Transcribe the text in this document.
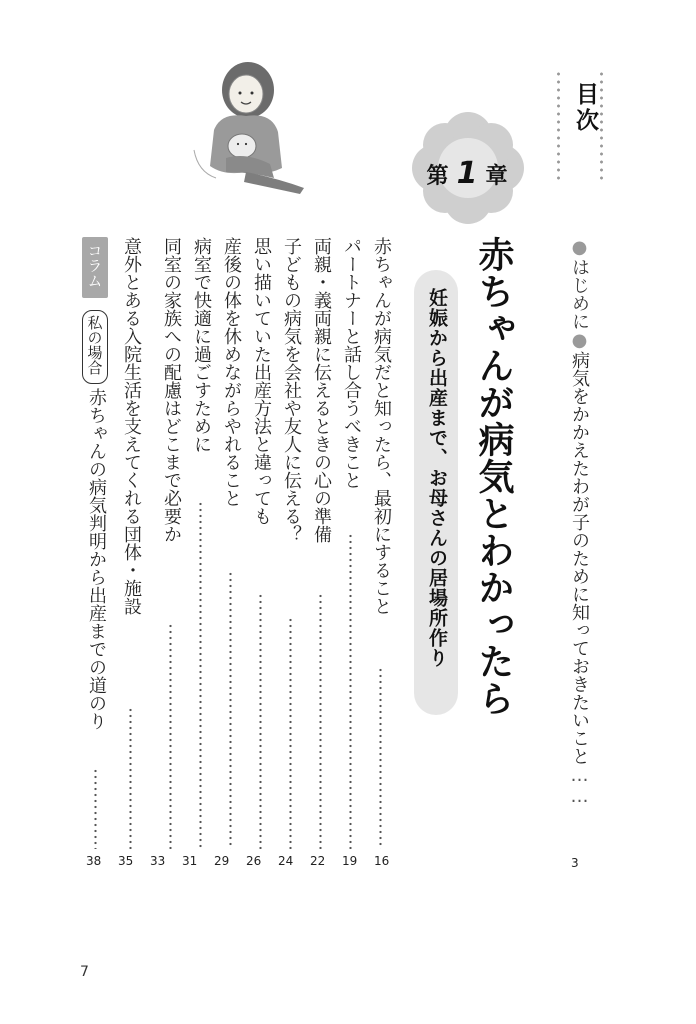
目次
●はじめに●病気をかかえたわが子のために知っておきたいこと……
3
第 1 章
赤ちゃんが病気とわかったら
妊娠から出産まで、お母さんの居場所作り
赤ちゃんが病気だと知ったら、最初にすること
16
パートナーと話し合うべきこと
19
両親・義両親に伝えるときの心の準備
22
子どもの病気を会社や友人に伝える？
24
思い描いていた出産方法と違っても
26
産後の体を休めながらやれること
29
病室で快適に過ごすために
31
同室の家族への配慮はどこまで必要か
33
意外とある入院生活を支えてくれる団体・施設
35
コラム
私の場合
赤ちゃんの病気判明から出産までの道のり
38
7
